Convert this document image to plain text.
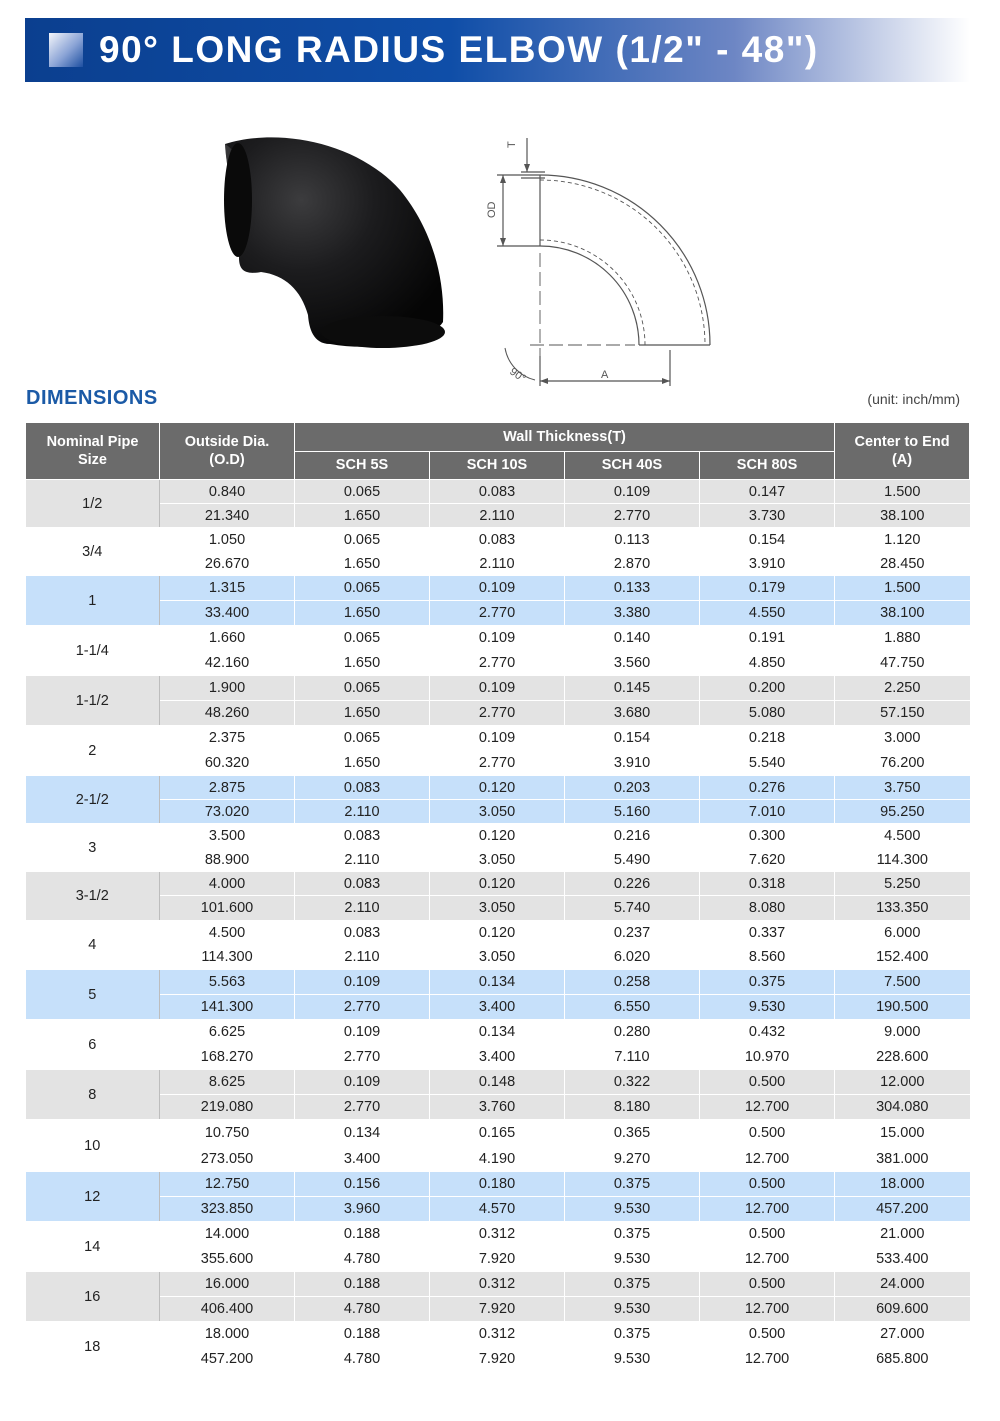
90° LONG RADIUS ELBOW (1/2" - 48")
T
OD
90°	A
DIMENSIONS	(unit: inch/mm)
Nominal Pipe
Size	Outside Dia.
(O.D)	Wall Thickness(T)				Center to End
(A)
		SCH 5S	SCH 10S	SCH 40S	SCH 80S	
1/2	0.840	0.065	0.083	0.109	0.147	1.500
	21.340	1.650	2.110	2.770	3.730	38.100
3/4	1.050	0.065	0.083	0.113	0.154	1.120
	26.670	1.650	2.110	2.870	3.910	28.450
1	1.315	0.065	0.109	0.133	0.179	1.500
	33.400	1.650	2.770	3.380	4.550	38.100
1-1/4	1.660	0.065	0.109	0.140	0.191	1.880
	42.160	1.650	2.770	3.560	4.850	47.750
1-1/2	1.900	0.065	0.109	0.145	0.200	2.250
	48.260	1.650	2.770	3.680	5.080	57.150
2	2.375	0.065	0.109	0.154	0.218	3.000
	60.320	1.650	2.770	3.910	5.540	76.200
2-1/2	2.875	0.083	0.120	0.203	0.276	3.750
	73.020	2.110	3.050	5.160	7.010	95.250
3	3.500	0.083	0.120	0.216	0.300	4.500
	88.900	2.110	3.050	5.490	7.620	114.300
3-1/2	4.000	0.083	0.120	0.226	0.318	5.250
	101.600	2.110	3.050	5.740	8.080	133.350
4	4.500	0.083	0.120	0.237	0.337	6.000
	114.300	2.110	3.050	6.020	8.560	152.400
5	5.563	0.109	0.134	0.258	0.375	7.500
	141.300	2.770	3.400	6.550	9.530	190.500
6	6.625	0.109	0.134	0.280	0.432	9.000
	168.270	2.770	3.400	7.110	10.970	228.600
8	8.625	0.109	0.148	0.322	0.500	12.000
	219.080	2.770	3.760	8.180	12.700	304.080
10	10.750	0.134	0.165	0.365	0.500	15.000
	273.050	3.400	4.190	9.270	12.700	381.000
12	12.750	0.156	0.180	0.375	0.500	18.000
	323.850	3.960	4.570	9.530	12.700	457.200
14	14.000	0.188	0.312	0.375	0.500	21.000
	355.600	4.780	7.920	9.530	12.700	533.400
16	16.000	0.188	0.312	0.375	0.500	24.000
	406.400	4.780	7.920	9.530	12.700	609.600
18	18.000	0.188	0.312	0.375	0.500	27.000
	457.200	4.780	7.920	9.530	12.700	685.800
